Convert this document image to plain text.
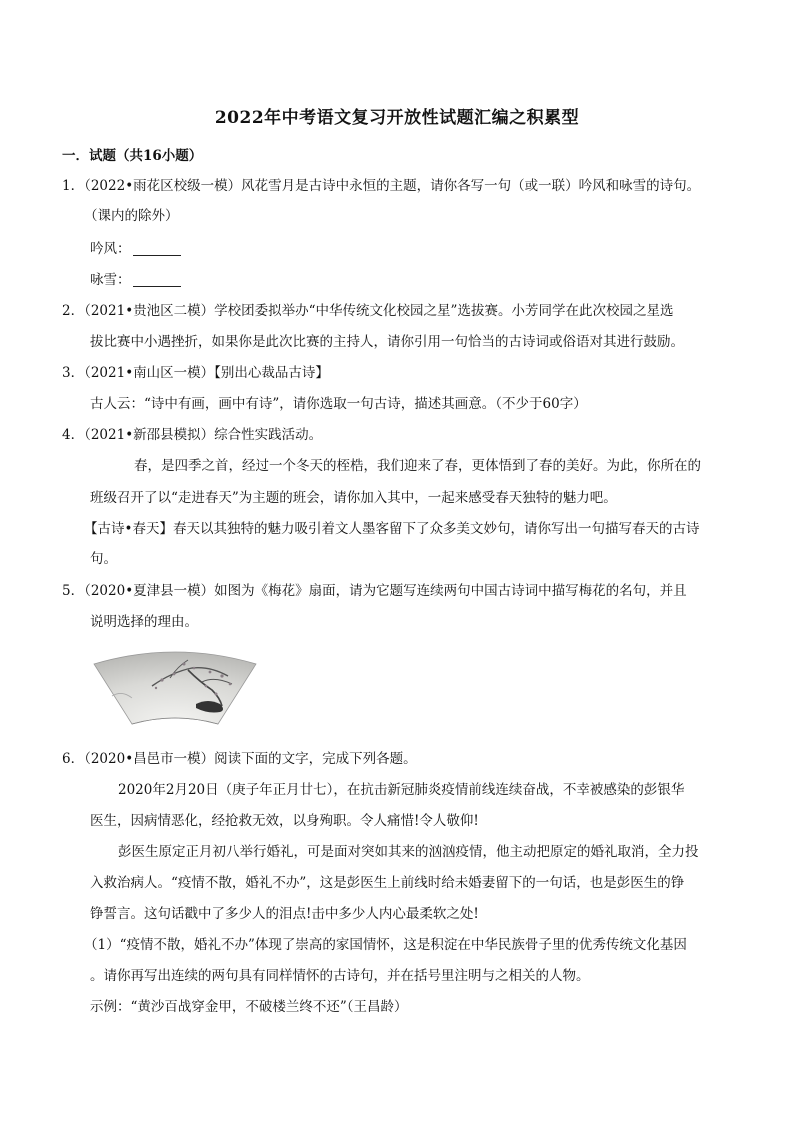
2022年中考语文复习开放性试题汇编之积累型
一．试题（共16小题）
1．（2022•雨花区校级一模）风花雪月是古诗中永恒的主题，请你各写一句（或一联）吟风和咏雪的诗句。
（课内的除外）
吟风：
咏雪：
2．（2021•贵池区二模）学校团委拟举办“中华传统文化校园之星”选拔赛。小芳同学在此次校园之星选
拔比赛中小遇挫折，如果你是此次比赛的主持人，请你引用一句恰当的古诗词或俗语对其进行鼓励。
3．（2021•南山区一模）【别出心裁品古诗】
古人云：“诗中有画，画中有诗”，请你选取一句古诗，描述其画意。（不少于60字）
4．（2021•新邵县模拟）综合性实践活动。
春，是四季之首，经过一个冬天的桎梏，我们迎来了春，更体悟到了春的美好。为此，你所在的
班级召开了以“走进春天”为主题的班会，请你加入其中，一起来感受春天独特的魅力吧。
【古诗•春天】春天以其独特的魅力吸引着文人墨客留下了众多美文妙句，请你写出一句描写春天的古诗
句。
5．（2020•夏津县一模）如图为《梅花》扇面，请为它题写连续两句中国古诗词中描写梅花的名句，并且
说明选择的理由。
6．（2020•昌邑市一模）阅读下面的文字，完成下列各题。
2020年2月20日（庚子年正月廿七），在抗击新冠肺炎疫情前线连续奋战，不幸被感染的彭银华
医生，因病情恶化，经抢救无效，以身殉职。令人痛惜!令人敬仰!
彭医生原定正月初八举行婚礼，可是面对突如其来的汹汹疫情，他主动把原定的婚礼取消，全力投
入救治病人。“疫情不散，婚礼不办”，这是彭医生上前线时给未婚妻留下的一句话，也是彭医生的铮
铮誓言。这句话戳中了多少人的泪点!击中多少人内心最柔软之处!
（1）“疫情不散，婚礼不办”体现了崇高的家国情怀，这是积淀在中华民族骨子里的优秀传统文化基因
。请你再写出连续的两句具有同样情怀的古诗句，并在括号里注明与之相关的人物。
示例：“黄沙百战穿金甲，不破楼兰终不还”（王昌龄）
